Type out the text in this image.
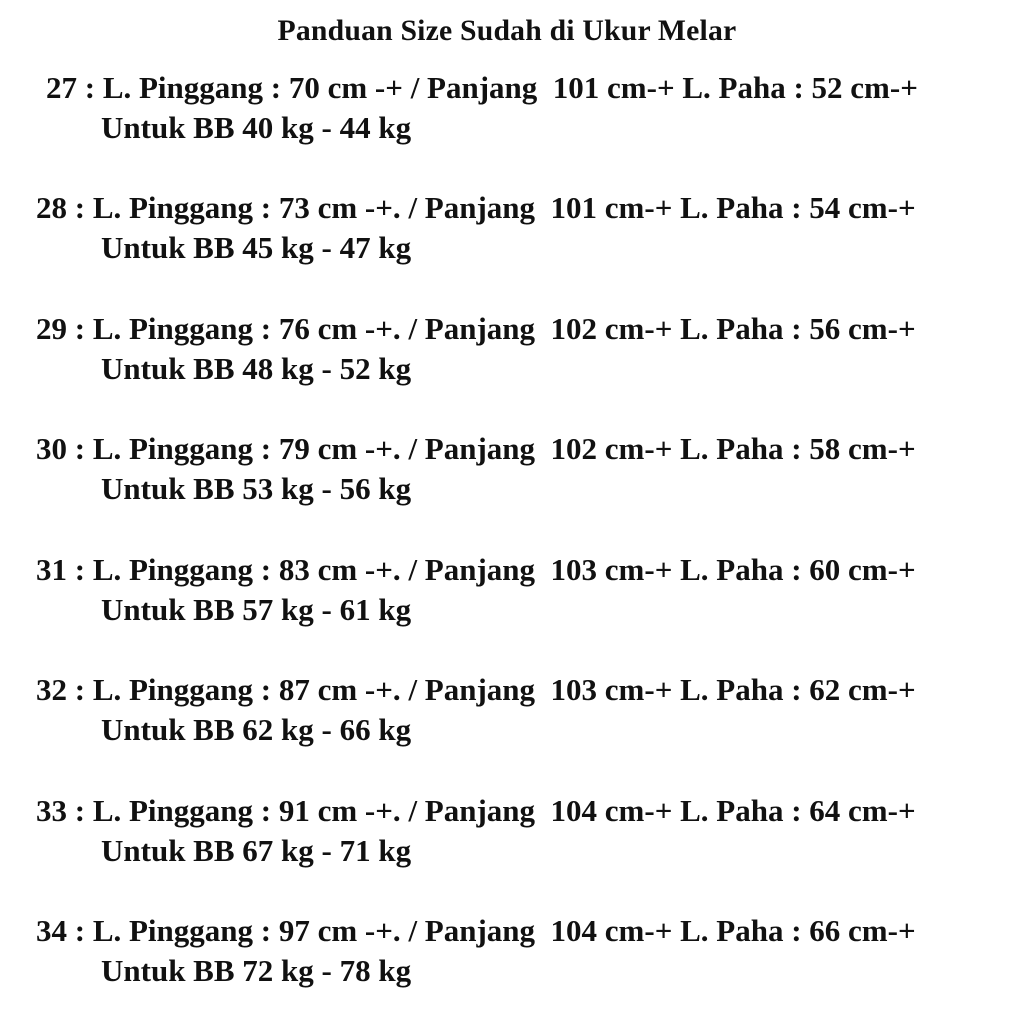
Panduan Size Sudah di Ukur Melar
27 : L. Pinggang : 70 cm -+ / Panjang  101 cm-+ L. Paha : 52 cm-+
Untuk BB 40 kg - 44 kg
28 : L. Pinggang : 73 cm -+. / Panjang  101 cm-+ L. Paha : 54 cm-+
Untuk BB 45 kg - 47 kg
29 : L. Pinggang : 76 cm -+. / Panjang  102 cm-+ L. Paha : 56 cm-+
Untuk BB 48 kg - 52 kg
30 : L. Pinggang : 79 cm -+. / Panjang  102 cm-+ L. Paha : 58 cm-+
Untuk BB 53 kg - 56 kg
31 : L. Pinggang : 83 cm -+. / Panjang  103 cm-+ L. Paha : 60 cm-+
Untuk BB 57 kg - 61 kg
32 : L. Pinggang : 87 cm -+. / Panjang  103 cm-+ L. Paha : 62 cm-+
Untuk BB 62 kg - 66 kg
33 : L. Pinggang : 91 cm -+. / Panjang  104 cm-+ L. Paha : 64 cm-+
Untuk BB 67 kg - 71 kg
34 : L. Pinggang : 97 cm -+. / Panjang  104 cm-+ L. Paha : 66 cm-+
Untuk BB 72 kg - 78 kg
